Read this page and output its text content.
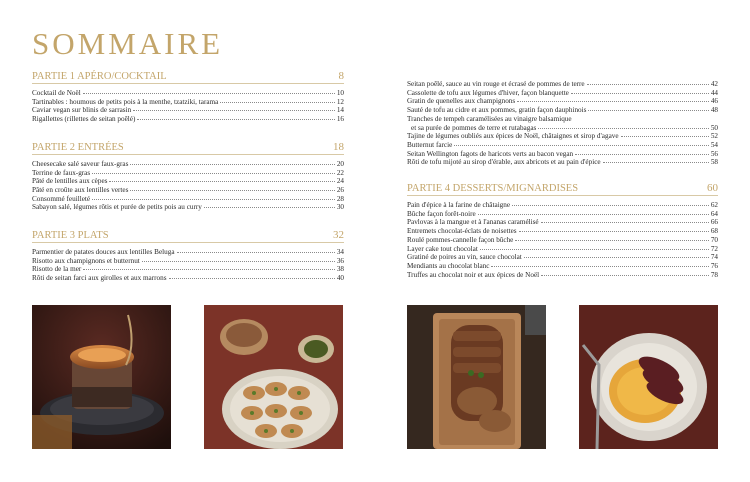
SOMMAIRE
PARTIE 1 APÉRO/COCKTAIL	8
Cocktail de Noël	10
Tartinables : houmous de petits pois à la menthe, tzatziki, tarama	12
Caviar vegan sur blinis de sarrasin	14
Rigallettes (rillettes de seitan poêlé)	16
PARTIE 2 ENTRÉES	18
Cheesecake salé saveur faux-gras	20
Terrine de faux-gras	22
Pâté de lentilles aux cèpes	24
Pâté en croûte aux lentilles vertes	26
Consommé feuilleté	28
Sabayon salé, légumes rôtis et purée de petits pois au curry	30
PARTIE 3 PLATS	32
Parmentier de patates douces aux lentilles Beluga	34
Risotto aux champignons et butternut	36
Risotto de la mer	38
Rôti de seitan farci aux girolles et aux marrons	40
Seitan poêlé, sauce au vin rouge et écrasé de pommes de terre	42
Cassolette de tofu aux légumes d'hiver, façon blanquette	44
Gratin de quenelles aux champignons	46
Sauté de tofu au cidre et aux pommes, gratin façon dauphinois	48
Tranches de tempeh caramélisées au vinaigre balsamique
et sa purée de pommes de terre et rutabagas	50
Tajine de légumes oubliés aux épices de Noël, châtaignes et sirop d'agave	52
Butternut farcie	54
Seitan Wellington fagots de haricots verts au bacon vegan	56
Rôti de tofu mijoté au sirop d'érable, aux abricots et au pain d'épice	58
PARTIE 4 DESSERTS/MIGNARDISES	60
Pain d'épice à la farine de châtaigne	62
Bûche façon forêt-noire	64
Pavlovas à la mangue et à l'ananas caramélisé	66
Entremets chocolat-éclats de noisettes	68
Roulé pommes-cannelle façon bûche	70
Layer cake tout chocolat	72
Gratiné de poires au vin, sauce chocolat	74
Mendiants au chocolat blanc	76
Truffes au chocolat noir et aux épices de Noël	78
